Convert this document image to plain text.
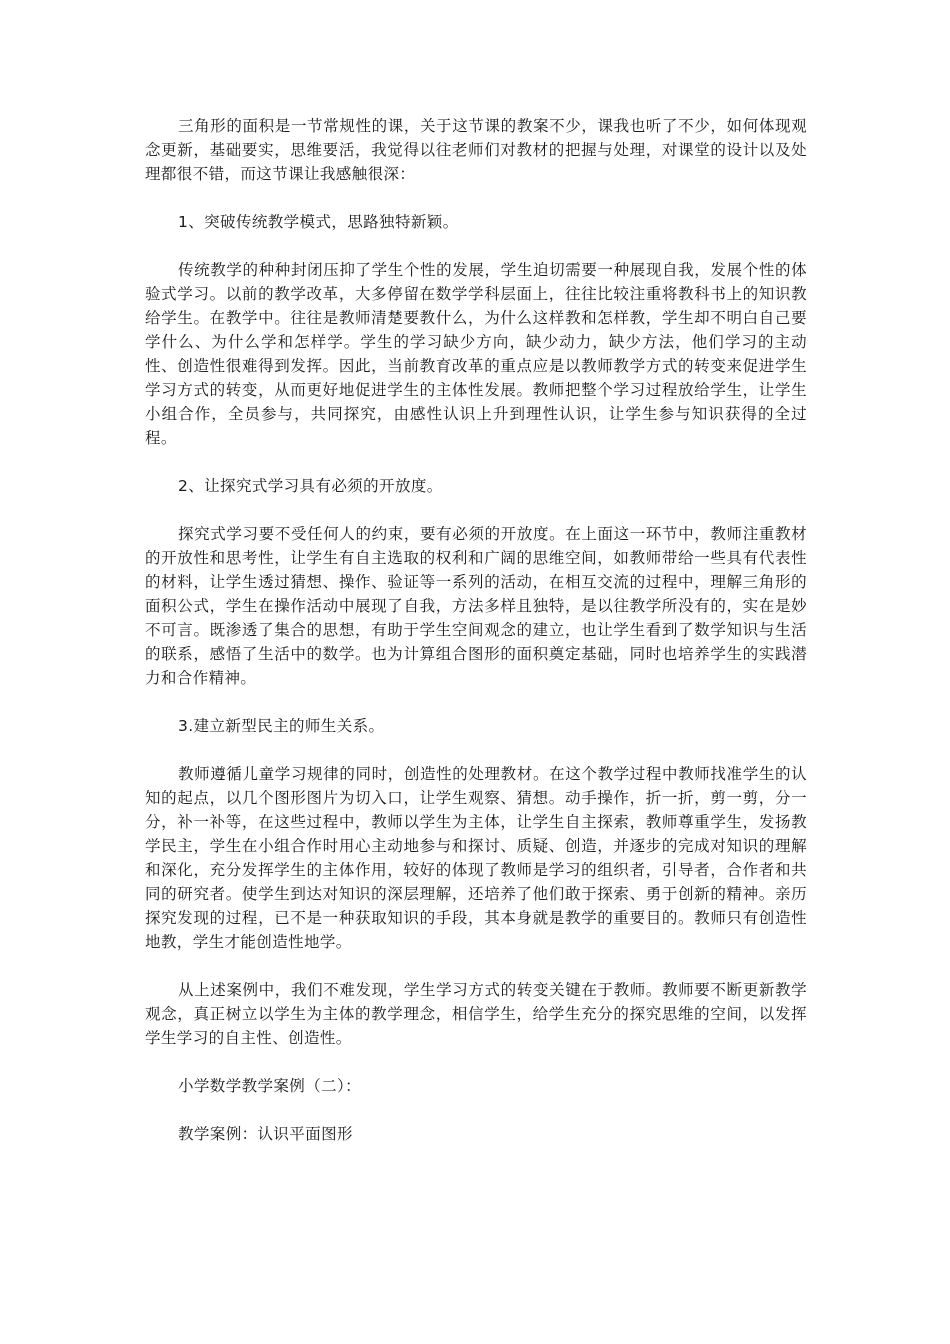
三角形的面积是一节常规性的课，关于这节课的教案不少，课我也听了不少，如何体现观念更新，基础要实，思维要活，我觉得以往老师们对教材的把握与处理，对课堂的设计以及处理都很不错，而这节课让我感触很深：

1、突破传统教学模式，思路独特新颖。

传统教学的种种封闭压抑了学生个性的发展，学生迫切需要一种展现自我，发展个性的体验式学习。以前的教学改革，大多停留在数学学科层面上，往往比较注重将教科书上的知识教给学生。在教学中。往往是教师清楚要教什么，为什么这样教和怎样教，学生却不明白自己要学什么、为什么学和怎样学。学生的学习缺少方向，缺少动力，缺少方法，他们学习的主动性、创造性很难得到发挥。因此，当前教育改革的重点应是以教师教学方式的转变来促进学生学习方式的转变，从而更好地促进学生的主体性发展。教师把整个学习过程放给学生，让学生小组合作，全员参与，共同探究，由感性认识上升到理性认识，让学生参与知识获得的全过程。

2、让探究式学习具有必须的开放度。

探究式学习要不受任何人的约束，要有必须的开放度。在上面这一环节中，教师注重教材的开放性和思考性，让学生有自主选取的权利和广阔的思维空间，如教师带给一些具有代表性的材料，让学生透过猜想、操作、验证等一系列的活动，在相互交流的过程中，理解三角形的面积公式，学生在操作活动中展现了自我，方法多样且独特，是以往教学所没有的，实在是妙不可言。既渗透了集合的思想，有助于学生空间观念的建立，也让学生看到了数学知识与生活的联系，感悟了生活中的数学。也为计算组合图形的面积奠定基础，同时也培养学生的实践潜力和合作精神。

3.建立新型民主的师生关系。

教师遵循儿童学习规律的同时，创造性的处理教材。在这个教学过程中教师找准学生的认知的起点，以几个图形图片为切入口，让学生观察、猜想。动手操作，折一折，剪一剪，分一分，补一补等，在这些过程中，教师以学生为主体，让学生自主探索，教师尊重学生，发扬教学民主，学生在小组合作时用心主动地参与和探讨、质疑、创造，并逐步的完成对知识的理解和深化，充分发挥学生的主体作用，较好的体现了教师是学习的组织者，引导者，合作者和共同的研究者。使学生到达对知识的深层理解，还培养了他们敢于探索、勇于创新的精神。亲历探究发现的过程，已不是一种获取知识的手段，其本身就是教学的重要目的。教师只有创造性地教，学生才能创造性地学。

从上述案例中，我们不难发现，学生学习方式的转变关键在于教师。教师要不断更新教学观念，真正树立以学生为主体的教学理念，相信学生，给学生充分的探究思维的空间，以发挥学生学习的自主性、创造性。

小学数学教学案例（二）：

教学案例：认识平面图形
